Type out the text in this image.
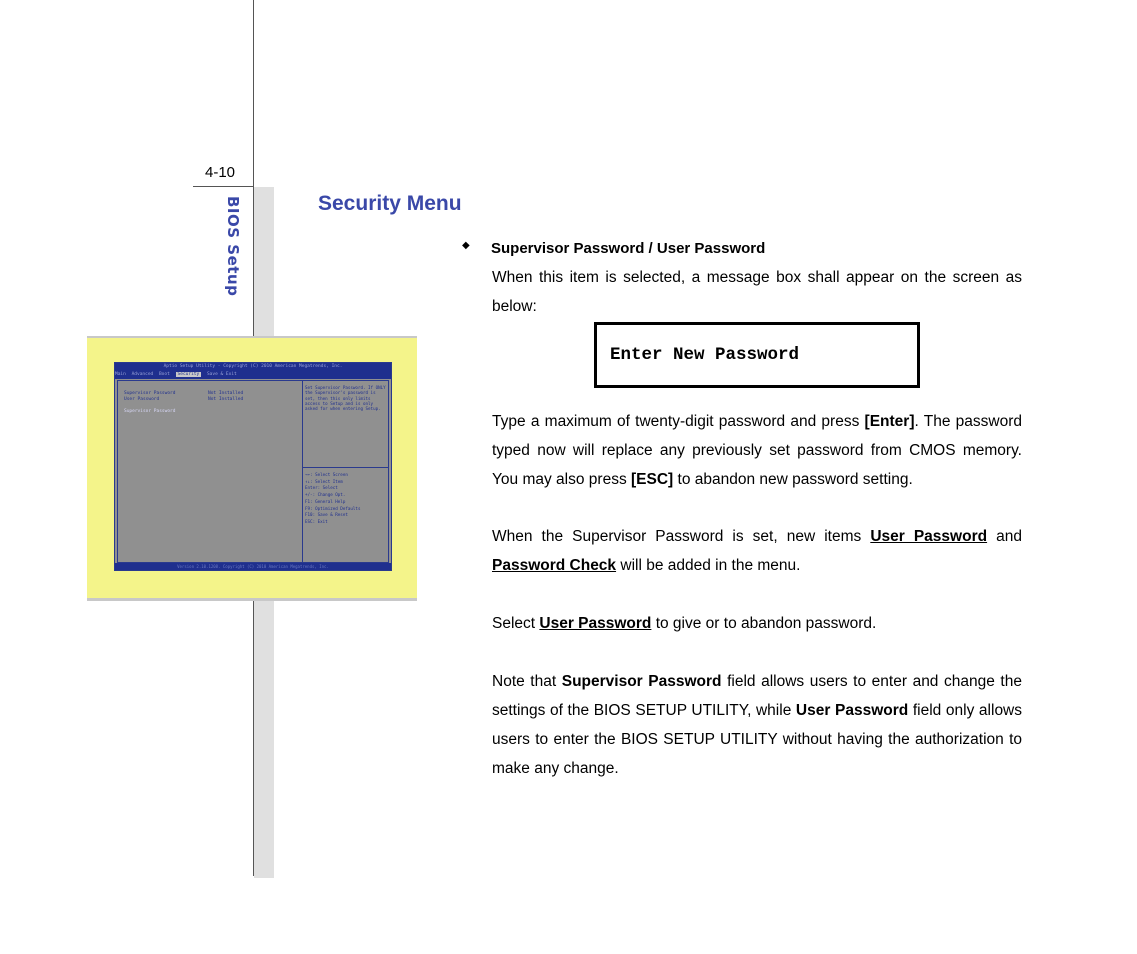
4-10
BIOS Setup
Aptio Setup Utility - Copyright (C) 2010 American Megatrends, Inc.
Main Advanced Boot Security Save & Exit
Supervisor Password	Not Installed
User Password	Not Installed
Supervisor Password
Set Supervisor Password. If ONLY the Supervisor's password is set, then this only limits access to Setup and is only asked for when entering Setup.
→←: Select Screen
↑↓: Select Item
Enter: Select
+/-: Change Opt.
F1: General Help
F9: Optimized Defaults
F10: Save & Reset
ESC: Exit
Version 2.10.1208. Copyright (C) 2010 American Megatrends, Inc.
Security Menu
◆ Supervisor Password / User Password

When this item is selected, a message box shall appear on the screen as below:

Enter New Password

Type a maximum of twenty-digit password and press [Enter]. The password typed now will replace any previously set password from CMOS memory. You may also press [ESC] to abandon new password setting.

When the Supervisor Password is set, new items User Password and Password Check will be added in the menu.

Select User Password to give or to abandon password.

Note that Supervisor Password field allows users to enter and change the settings of the BIOS SETUP UTILITY, while User Password field only allows users to enter the BIOS SETUP UTILITY without having the authorization to make any change.
